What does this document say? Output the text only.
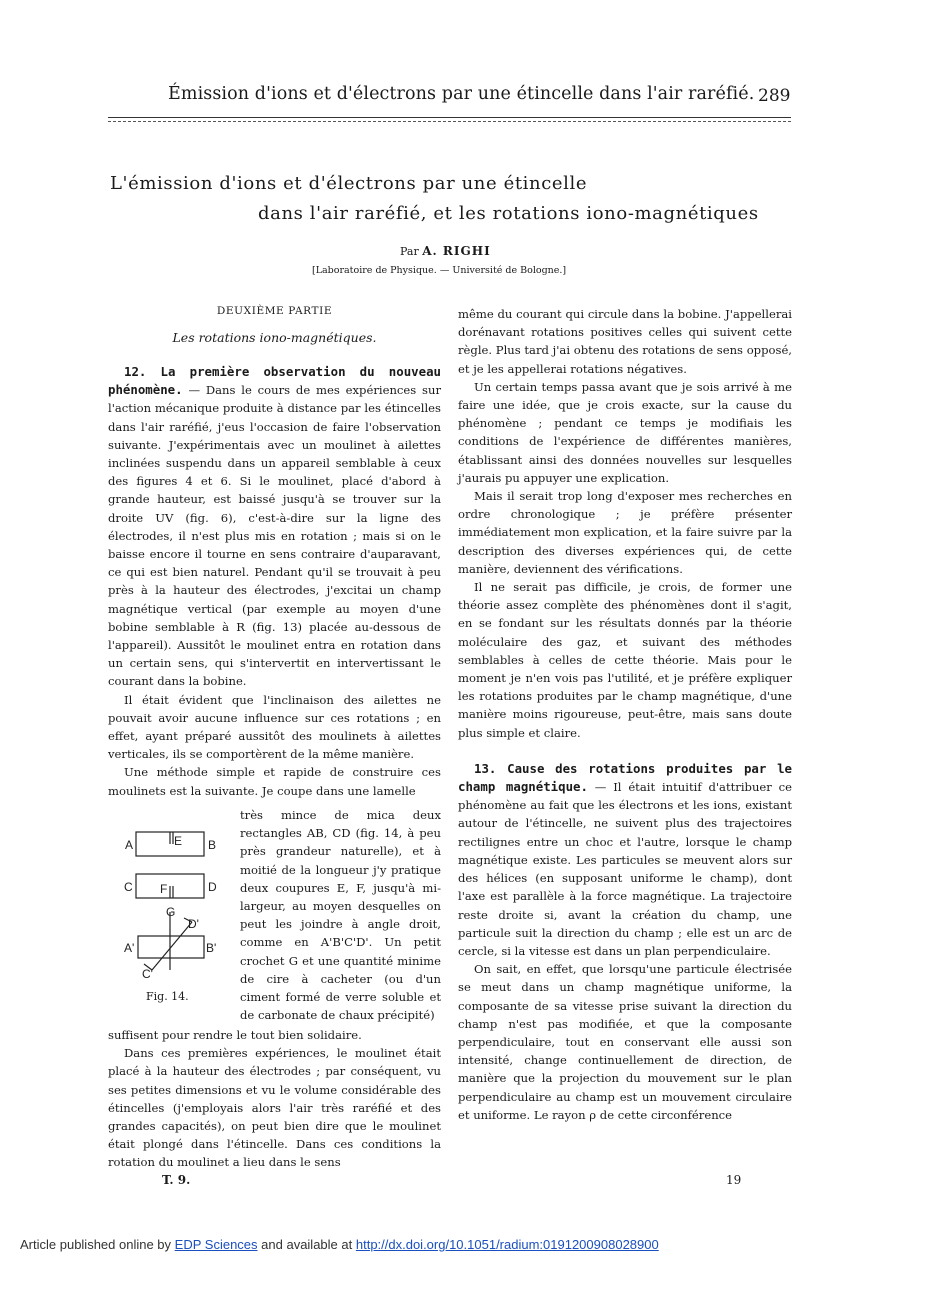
Émission d'ions et d'électrons par une étincelle dans l'air raréfié. 289
L'émission d'ions et d'électrons par une étincelle
dans l'air raréfié, et les rotations iono-magnétiques
Par A. RIGHI
[Laboratoire de Physique. — Université de Bologne.]
DEUXIÈME PARTIE
Les rotations iono-magnétiques.

12. La première observation du nouveau phénomène. — Dans le cours de mes expériences sur l'action mécanique produite à distance par les étincelles dans l'air raréfié, j'eus l'occasion de faire l'observation suivante. J'expérimentais avec un moulinet à ailettes inclinées suspendu dans un appareil semblable à ceux des figures 4 et 6. Si le moulinet, placé d'abord à grande hauteur, est baissé jusqu'à se trouver sur la droite UV (fig. 6), c'est-à-dire sur la ligne des électrodes, il n'est plus mis en rotation ; mais si on le baisse encore il tourne en sens contraire d'auparavant, ce qui est bien naturel. Pendant qu'il se trouvait à peu près à la hauteur des électrodes, j'excitai un champ magnétique vertical (par exemple au moyen d'une bobine semblable à R (fig. 13) placée au-dessous de l'appareil). Aussitôt le moulinet entra en rotation dans un certain sens, qui s'intervertit en intervertissant le courant dans la bobine.

Il était évident que l'inclinaison des ailettes ne pouvait avoir aucune influence sur ces rotations ; en effet, ayant préparé aussitôt des moulinets à ailettes verticales, ils se comportèrent de la même manière.

Une méthode simple et rapide de construire ces moulinets est la suivante. Je coupe dans une lamelle

A	E B
C F	D
G
D'
A'	B'
C'
Fig. 14.
très mince de mica deux rectangles AB, CD (fig. 14, à peu près grandeur naturelle), et à moitié de la longueur j'y pratique deux coupures E, F, jusqu'à mi-largeur, au moyen desquelles on peut les joindre à angle droit, comme en A'B'C'D'. Un petit crochet G et une quantité minime de cire à cacheter (ou d'un ciment formé de verre soluble et de carbonate de chaux précipité)

suffisent pour rendre le tout bien solidaire.

Dans ces premières expériences, le moulinet était placé à la hauteur des électrodes ; par conséquent, vu ses petites dimensions et vu le volume considérable des étincelles (j'employais alors l'air très raréfié et des grandes capacités), on peut bien dire que le moulinet était plongé dans l'étincelle. Dans ces conditions la rotation du moulinet a lieu dans le sens

même du courant qui circule dans la bobine. J'appellerai dorénavant rotations positives celles qui suivent cette règle. Plus tard j'ai obtenu des rotations de sens opposé, et je les appellerai rotations négatives.

Un certain temps passa avant que je sois arrivé à me faire une idée, que je crois exacte, sur la cause du phénomène ; pendant ce temps je modifiais les conditions de l'expérience de différentes manières, établissant ainsi des données nouvelles sur lesquelles j'aurais pu appuyer une explication.

Mais il serait trop long d'exposer mes recherches en ordre chronologique ; je préfère présenter immédiatement mon explication, et la faire suivre par la description des diverses expériences qui, de cette manière, deviennent des vérifications.

Il ne serait pas difficile, je crois, de former une théorie assez complète des phénomènes dont il s'agit, en se fondant sur les résultats donnés par la théorie moléculaire des gaz, et suivant des méthodes semblables à celles de cette théorie. Mais pour le moment je n'en vois pas l'utilité, et je préfère expliquer les rotations produites par le champ magnétique, d'une manière moins rigoureuse, peut-être, mais sans doute plus simple et claire.

13. Cause des rotations produites par le champ magnétique. — Il était intuitif d'attribuer ce phénomène au fait que les électrons et les ions, existant autour de l'étincelle, ne suivent plus des trajectoires rectilignes entre un choc et l'autre, lorsque le champ magnétique existe. Les particules se meuvent alors sur des hélices (en supposant uniforme le champ), dont l'axe est parallèle à la force magnétique. La trajectoire reste droite si, avant la création du champ, une particule suit la direction du champ ; elle est un arc de cercle, si la vitesse est dans un plan perpendiculaire.

On sait, en effet, que lorsqu'une particule électrisée se meut dans un champ magnétique uniforme, la composante de sa vitesse prise suivant la direction du champ n'est pas modifiée, et que la composante perpendiculaire, tout en conservant elle aussi son intensité, change continuellement de direction, de manière que la projection du mouvement sur le plan perpendiculaire au champ est un mouvement circulaire et uniforme. Le rayon ρ de cette circonférence

T. 9.	19
Article published online by EDP Sciences and available at http://dx.doi.org/10.1051/radium:0191200908028900
